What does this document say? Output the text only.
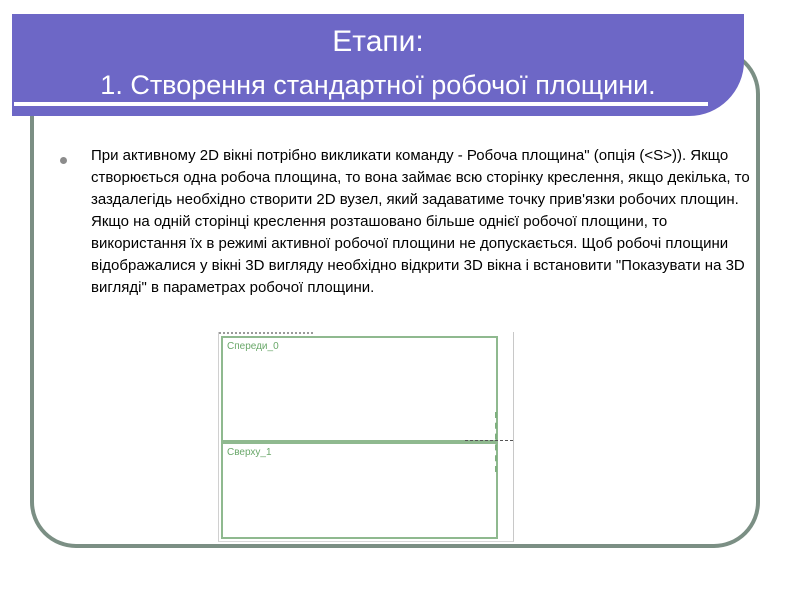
Етапи:
1. Створення стандартної робочої площини.
При активному 2D вікні потрібно викликати команду - Робоча площина" (опція (<S>)). Якщо створюється одна робоча площина, то вона займає всю сторінку креслення, якщо декілька, то заздалегідь необхідно створити 2D вузел, який задаватиме точку прив'язки робочих площин. Якщо на одній сторінці креслення розташовано більше однієї робочої площини, то використання їх в режимі активної робочої площини не допускається. Щоб робочі площини відображалися у вікні 3D вигляду необхідно відкрити 3D вікна і встановити "Показувати на 3D вигляді" в параметрах робочої площини.
Спереди_0
Сверху_1
